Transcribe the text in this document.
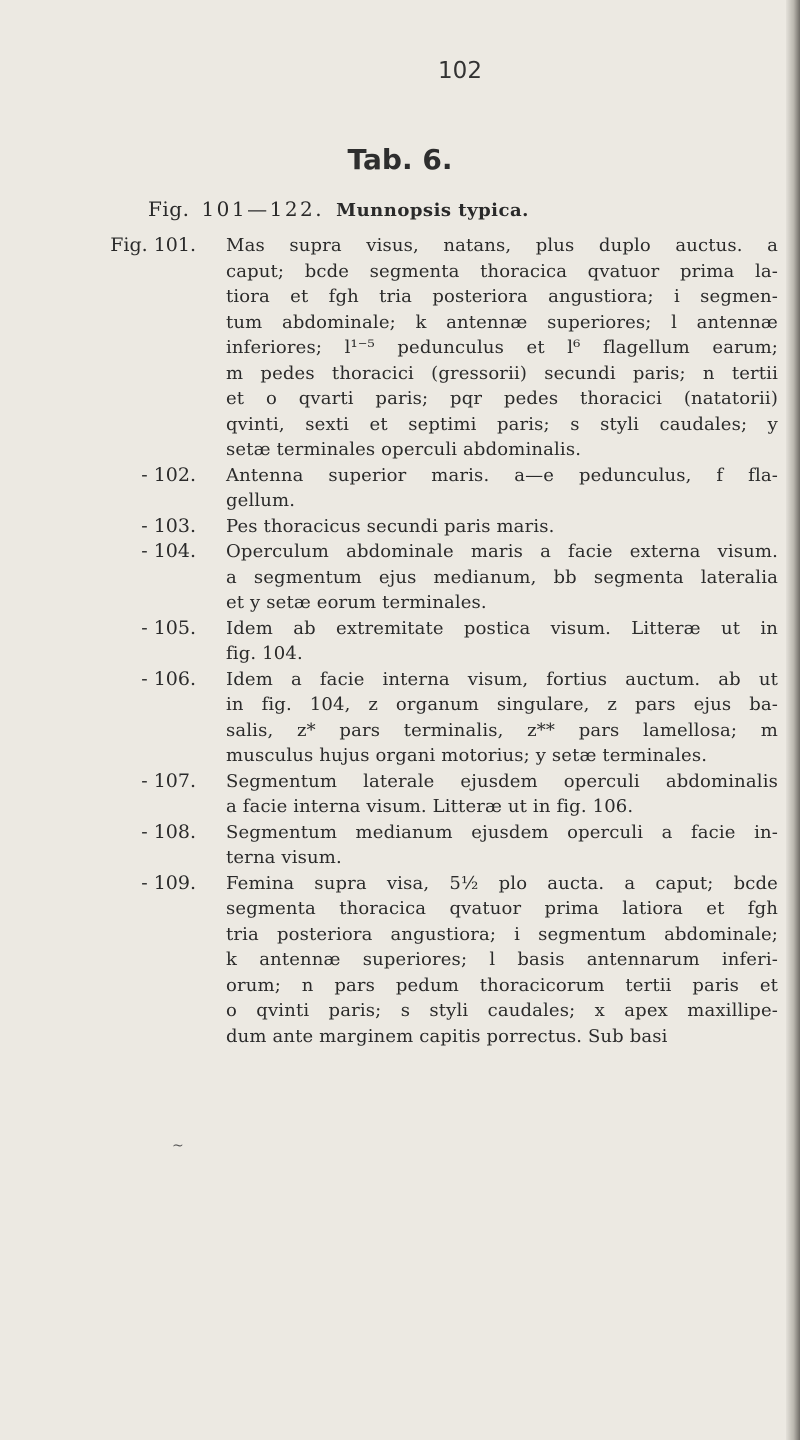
102
Tab. 6.
Fig. 101—122. Munnopsis typica.
Fig. 101. Mas supra visus, natans, plus duplo auctus. a
caput; bcde segmenta thoracica qvatuor prima la-
tiora et fgh tria posteriora angustiora; i segmen-
tum abdominale; k antennæ superiores; l antennæ
inferiores; l¹⁻⁵ pedunculus et l⁶ flagellum earum;
m pedes thoracici (gressorii) secundi paris; n tertii
et o qvarti paris; pqr pedes thoracici (natatorii)
qvinti, sexti et septimi paris; s styli caudales; y
setæ terminales operculi abdominalis.
- 102. Antenna superior maris. a—e pedunculus, f fla-
gellum.
- 103. Pes thoracicus secundi paris maris.
- 104. Operculum abdominale maris a facie externa visum.
a segmentum ejus medianum, bb segmenta lateralia
et y setæ eorum terminales.
- 105. Idem ab extremitate postica visum. Litteræ ut in
fig. 104.
- 106. Idem a facie interna visum, fortius auctum. ab ut
in fig. 104, z organum singulare, z pars ejus ba-
salis, z* pars terminalis, z** pars lamellosa; m
musculus hujus organi motorius; y setæ terminales.
- 107. Segmentum laterale ejusdem operculi abdominalis
a facie interna visum. Litteræ ut in fig. 106.
- 108. Segmentum medianum ejusdem operculi a facie in-
terna visum.
- 109. Femina supra visa, 5½ plo aucta. a caput; bcde
segmenta thoracica qvatuor prima latiora et fgh
tria posteriora angustiora; i segmentum abdominale;
k antennæ superiores; l basis antennarum inferi-
orum; n pars pedum thoracicorum tertii paris et
o qvinti paris; s styli caudales; x apex maxillipe-
dum ante marginem capitis porrectus. Sub basi
~
